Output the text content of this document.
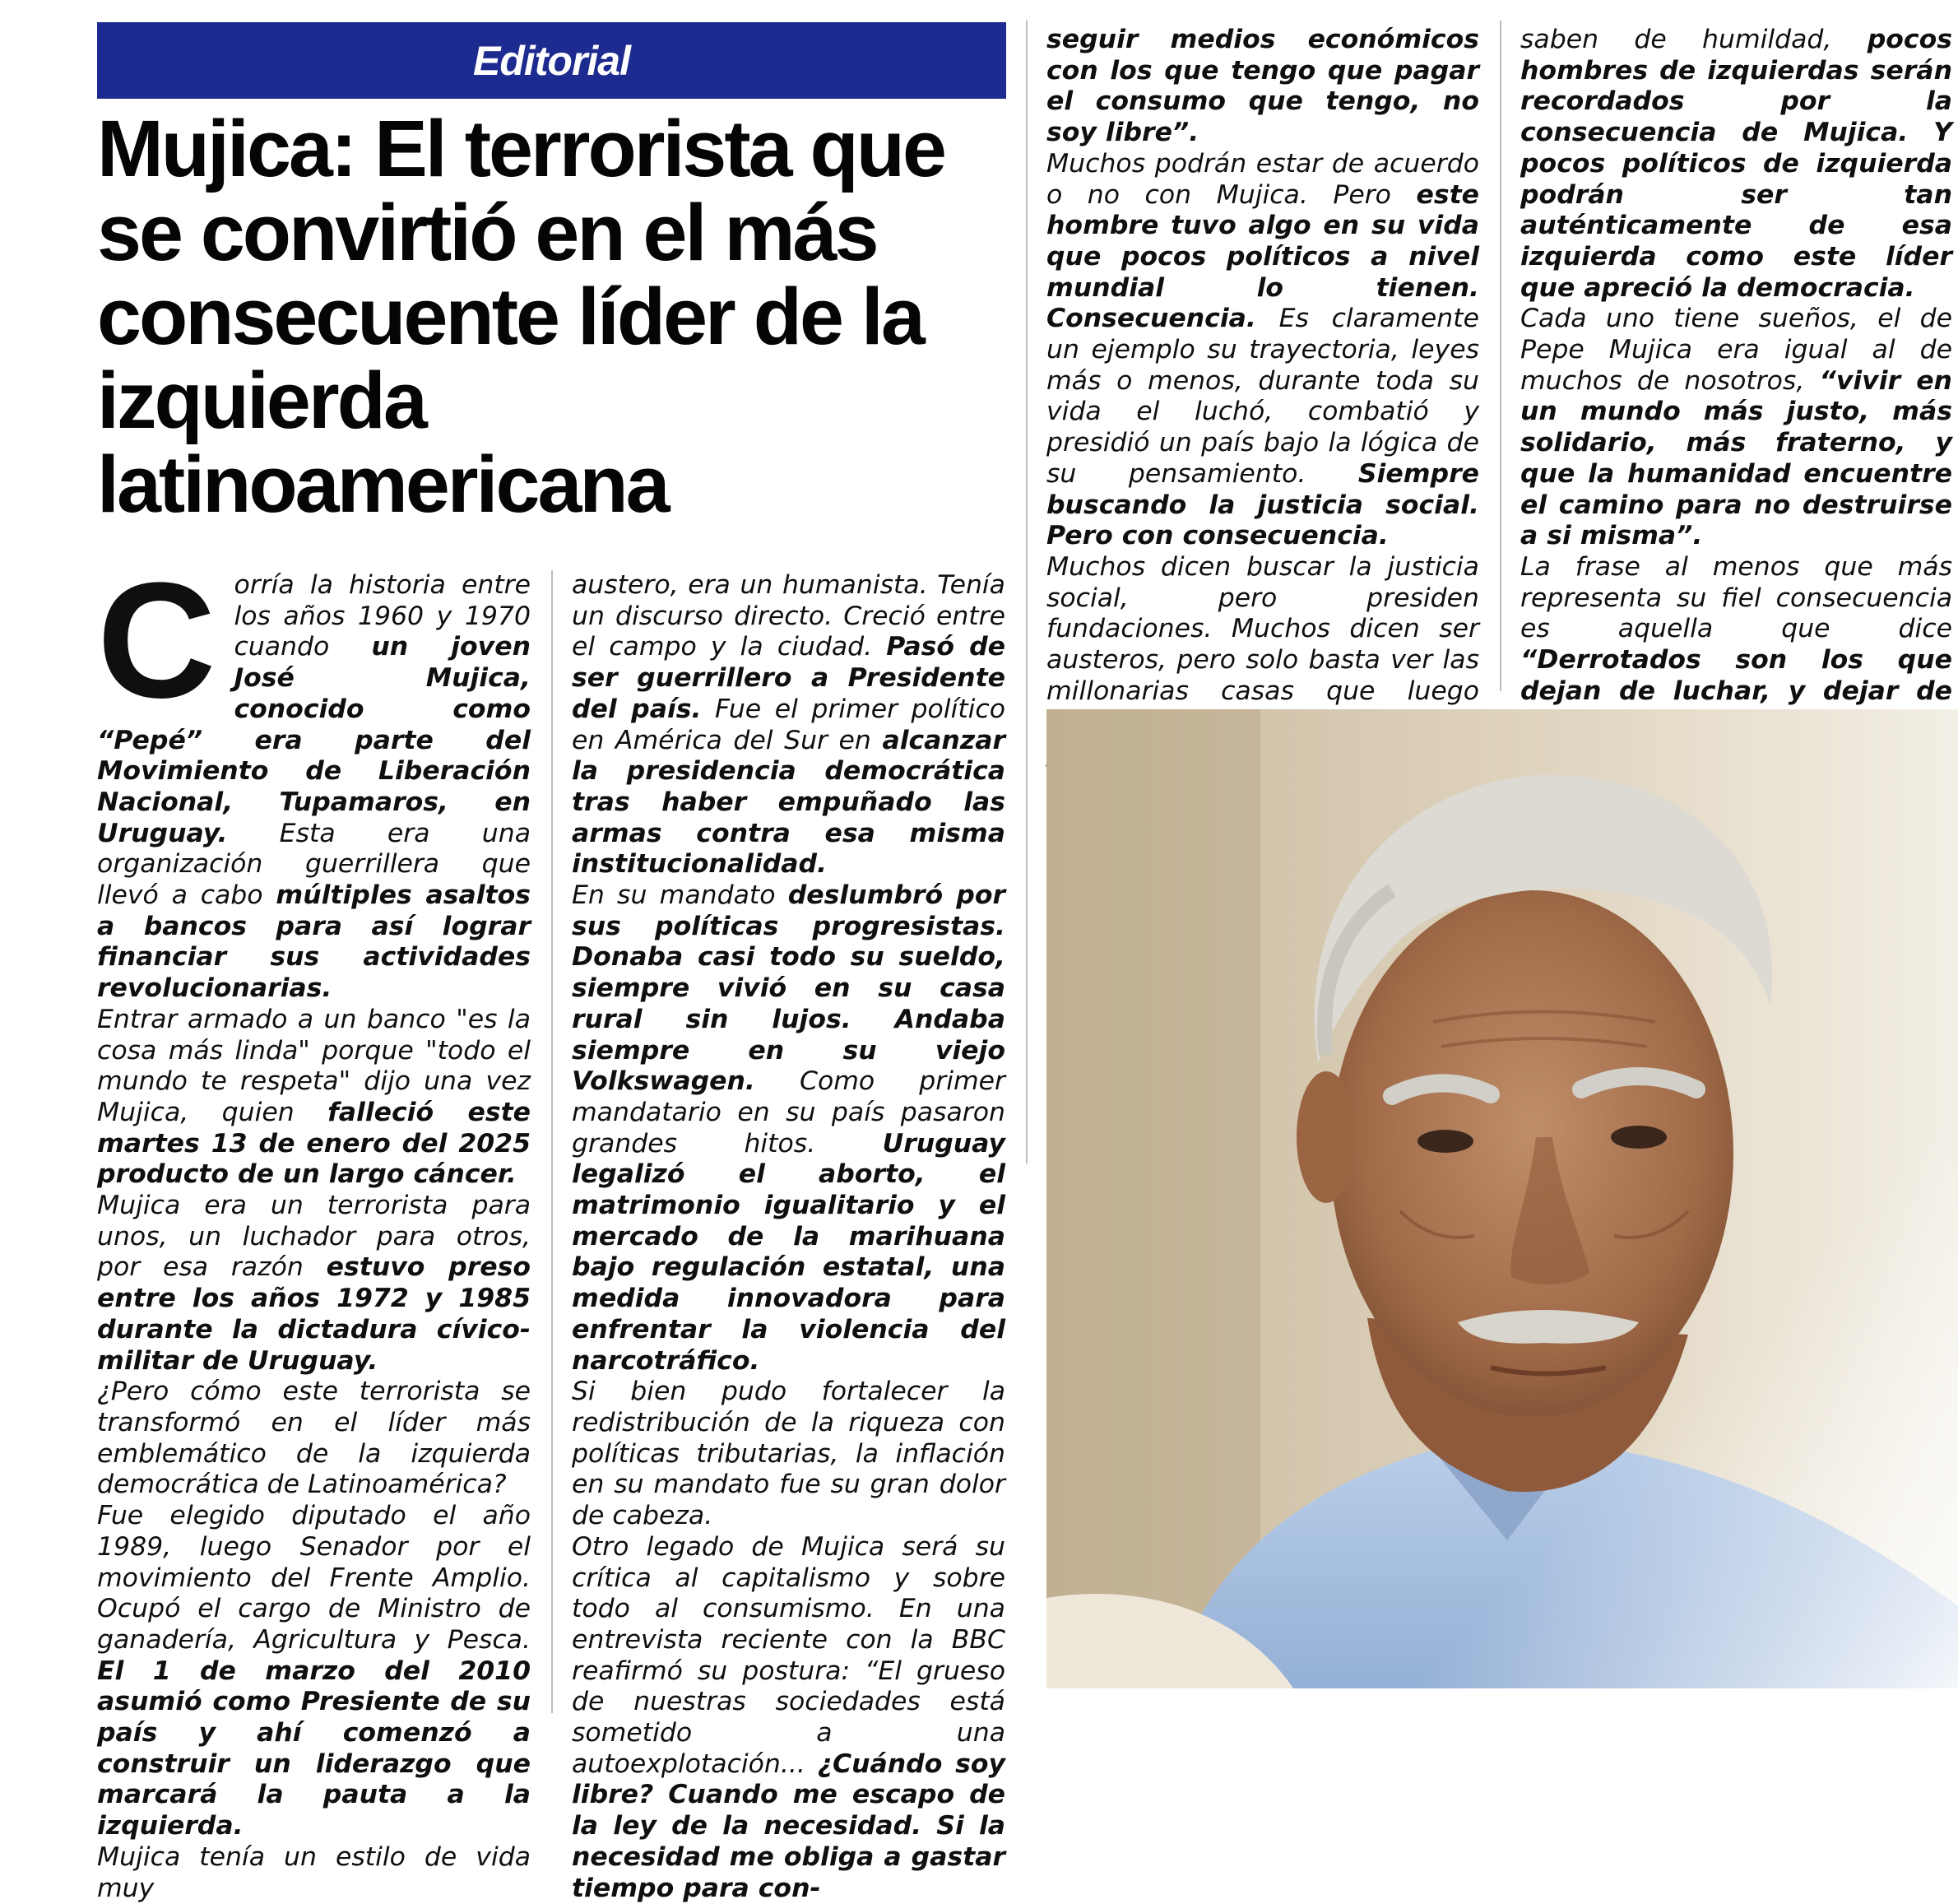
Editorial
Mujica: El terrorista que se convirtió en el más consecuente líder de la izquierda latinoamericana

Corría la historia entre los años 1960 y 1970 cuando un joven José Mujica, conocido como “Pepé” era parte del Movimiento de Liberación Nacional, Tupamaros, en Uruguay. Esta era una organización guerrillera que llevó a cabo múltiples asaltos a bancos para así lograr financiar sus actividades revolucionarias.

Entrar armado a un banco "es la cosa más linda" porque "todo el mundo te respeta" dijo una vez Mujica, quien falleció este martes 13 de enero del 2025 producto de un largo cáncer.

Mujica era un terrorista para unos, un luchador para otros, por esa razón estuvo preso entre los años 1972 y 1985 durante la dictadura cívico-militar de Uruguay.

¿Pero cómo este terrorista se transformó en el líder más emblemático de la izquierda democrática de Latinoamérica?

Fue elegido diputado el año 1989, luego Senador por el movimiento del Frente Amplio. Ocupó el cargo de Ministro de ganadería, Agricultura y Pesca. El 1 de marzo del 2010 asumió como Presiente de su país y ahí comenzó a construir un liderazgo que marcará la pauta a la izquierda.

Mujica tenía un estilo de vida muy

austero, era un humanista. Tenía un discurso directo. Creció entre el campo y la ciudad. Pasó de ser guerrillero a Presidente del país. Fue el primer político en América del Sur en alcanzar la presidencia democrática tras haber empuñado las armas contra esa misma institucionalidad.

En su mandato deslumbró por sus políticas progresistas. Donaba casi todo su sueldo, siempre vivió en su casa rural sin lujos. Andaba siempre en su viejo Volkswagen. Como primer mandatario en su país pasaron grandes hitos. Uruguay legalizó el aborto, el matrimonio igualitario y el mercado de la marihuana bajo regulación estatal, una medida innovadora para enfrentar la violencia del narcotráfico.

Si bien pudo fortalecer la redistribución de la riqueza con políticas tributarias, la inflación en su mandato fue su gran dolor de cabeza.

Otro legado de Mujica será su crítica al capitalismo y sobre todo al consumismo. En una entrevista reciente con la BBC reafirmó su postura: “El grueso de nuestras sociedades está sometido a una autoexplotación... ¿Cuándo soy libre? Cuando me escapo de la ley de la necesidad. Si la necesidad me obliga a gastar tiempo para con-

seguir medios económicos con los que tengo que pagar el consumo que tengo, no soy libre”.

Muchos podrán estar de acuerdo o no con Mujica. Pero este hombre tuvo algo en su vida que pocos políticos a nivel mundial lo tienen. Consecuencia. Es claramente un ejemplo su trayectoria, leyes más o menos, durante toda su vida el luchó, combatió y presidió un país bajo la lógica de su pensamiento. Siempre buscando la justicia social. Pero con consecuencia.

Muchos dicen buscar la justicia social, pero presiden fundaciones. Muchos dicen ser austeros, pero solo basta ver las millonarias casas que luego

saben de humildad, pocos hombres de izquierdas serán recordados por la consecuencia de Mujica. Y pocos políticos de izquierda podrán ser tan auténticamente de esa izquierda como este líder que apreció la democracia.

Cada uno tiene sueños, el de Pepe Mujica era igual al de muchos de nosotros, “vivir en un mundo más justo, más solidario, más fraterno, y que la humanidad encuentre el camino para no destruirse a si misma”.

La frase al menos que más representa su fiel consecuencia es aquella que dice “Derrotados son los que dejan de luchar, y dejar de
